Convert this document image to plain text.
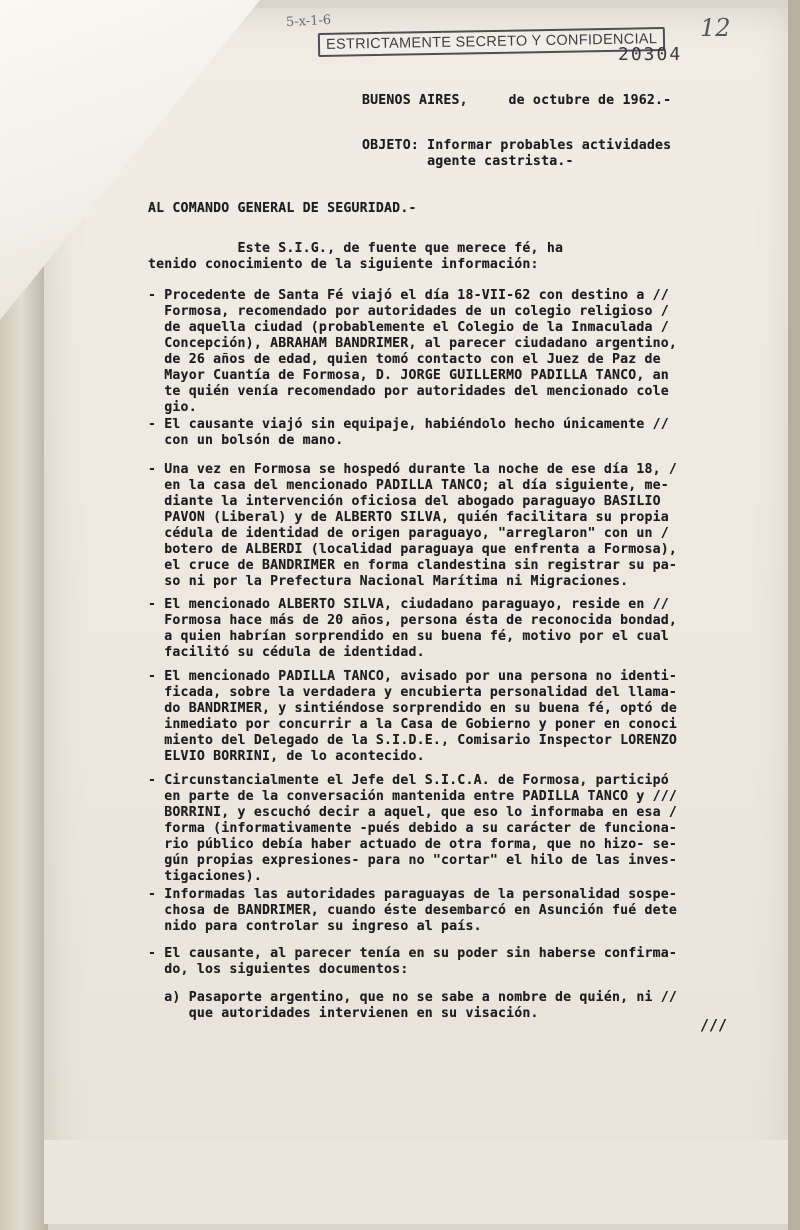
5-x-1-6
ESTRICTAMENTE SECRETO Y CONFIDENCIAL
20304
12
BUENOS AIRES,     de octubre de 1962.-
OBJETO: Informar probables actividades
agente castrista.-
AL COMANDO GENERAL DE SEGURIDAD.-
Este S.I.G., de fuente que merece fé, ha
tenido conocimiento de la siguiente información:
- Procedente de Santa Fé viajó el día 18-VII-62 con destino a //
Formosa, recomendado por autoridades de un colegio religioso /
de aquella ciudad (probablemente el Colegio de la Inmaculada /
Concepción), ABRAHAM BANDRIMER, al parecer ciudadano argentino,
de 26 años de edad, quien tomó contacto con el Juez de Paz de
Mayor Cuantía de Formosa, D. JORGE GUILLERMO PADILLA TANCO, an
te quién venía recomendado por autoridades del mencionado cole
gio.
- El causante viajó sin equipaje, habiéndolo hecho únicamente //
con un bolsón de mano.
- Una vez en Formosa se hospedó durante la noche de ese día 18, /
en la casa del mencionado PADILLA TANCO; al día siguiente, me-
diante la intervención oficiosa del abogado paraguayo BASILIO
PAVON (Liberal) y de ALBERTO SILVA, quién facilitara su propia
cédula de identidad de origen paraguayo, "arreglaron" con un /
botero de ALBERDI (localidad paraguaya que enfrenta a Formosa),
el cruce de BANDRIMER en forma clandestina sin registrar su pa-
so ni por la Prefectura Nacional Marítima ni Migraciones.
- El mencionado ALBERTO SILVA, ciudadano paraguayo, reside en //
Formosa hace más de 20 años, persona ésta de reconocida bondad,
a quien habrían sorprendido en su buena fé, motivo por el cual
facilitó su cédula de identidad.
- El mencionado PADILLA TANCO, avisado por una persona no identi-
ficada, sobre la verdadera y encubierta personalidad del llama-
do BANDRIMER, y sintiéndose sorprendido en su buena fé, optó de
inmediato por concurrir a la Casa de Gobierno y poner en conoci
miento del Delegado de la S.I.D.E., Comisario Inspector LORENZO
ELVIO BORRINI, de lo acontecido.
- Circunstancialmente el Jefe del S.I.C.A. de Formosa, participó
en parte de la conversación mantenida entre PADILLA TANCO y ///
BORRINI, y escuchó decir a aquel, que eso lo informaba en esa /
forma (informativamente -pués debido a su carácter de funciona-
rio público debía haber actuado de otra forma, que no hizo- se-
gún propias expresiones- para no "cortar" el hilo de las inves-
tigaciones).
- Informadas las autoridades paraguayas de la personalidad sospe-
chosa de BANDRIMER, cuando éste desembarcó en Asunción fué dete
nido para controlar su ingreso al país.
- El causante, al parecer tenía en su poder sin haberse confirma-
do, los siguientes documentos:
a) Pasaporte argentino, que no se sabe a nombre de quién, ni //
que autoridades intervienen en su visación.
///
